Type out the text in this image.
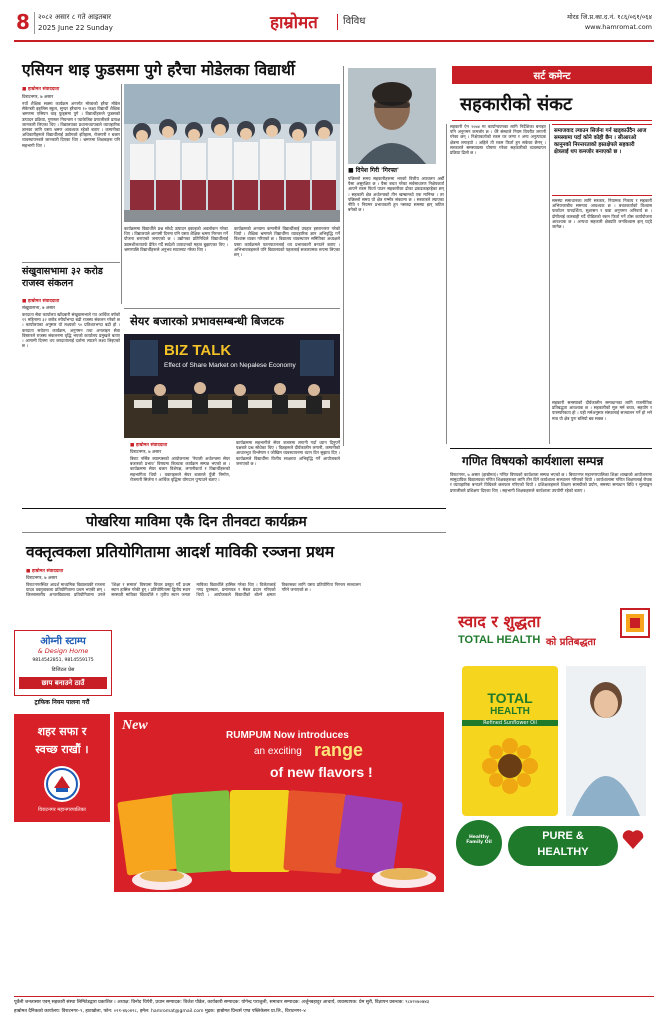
8 २०८२ असार ८ गते आइतबार
2025 June 22 Sunday	हाम्रोमत	विविध	मोरड जि.प्र.का.द.नं. १८६/०६१/०६४
www.hamromat.com
एसियन थाइ फुडसमा पुगे हरैचा मोडेलका विद्यार्थी
■ हाम्रोमत संवाददाता
विराटनगर, ७ असार
नयाँ शैक्षिक सत्रमा कार्यक्रम अन्तर्गत मोरङको हरैचा मोडेल सेकेन्डरी इङ्लिस स्कुल, सुन्दर हरैचामा १० कक्षा विद्यार्थी शैक्षिक भ्रमणमा एसियन थाइ फुड्समा पुगे । विद्यार्थीहरूले फुडसको उत्पादन प्रक्रिया, गुणस्तर नियन्त्रण र प्याकेजिङ प्रणालीबारे प्रत्यक्ष जानकारी लिएका थिए । विद्यालयका प्रधानाध्यापकले व्यावहारिक ज्ञानका लागि यस्ता भ्रमण आवश्यक रहेको बताए । कम्पनीका अधिकारीहरूले विद्यार्थीलाई उद्योगको इतिहास, रोजगारी र बजार व्यवस्थापनबारे जानकारी दिएका थिए । भ्रमणमा शिक्षकहरू पनि सहभागी थिए ।
कार्यक्रममा विद्यार्थीले प्रश्न सोध्दै उत्पादन इकाइको अवलोकन गरेका थिए । विद्यालयले आगामी दिनमा पनि यस्ता शैक्षिक भ्रमण निरन्तर गर्ने योजना बनाएको जनाएको छ । उद्योगका प्रतिनिधिले विद्यार्थीलाई उद्यमशीलतातर्फ प्रेरित गर्दै स्वदेशी उत्पादनको महत्व बुझाएका थिए । भ्रमणपछि विद्यार्थीहरूले अनुभव साटासाट गरेका थिए ।
कार्यक्रमको अन्त्यमा कम्पनीले विद्यार्थीलाई उपहार हस्तान्तरण गरेको थियो । शैक्षिक भ्रमणले विद्यार्थीमा व्यावहारिक ज्ञान अभिवृद्धि गर्ने विश्वास व्यक्त गरिएको छ । विद्यालय व्यवस्थापन समितिका अध्यक्षले यस्ता कार्यक्रमले पठनपाठनलाई थप प्रभावकारी बनाउने बताए । अभिभावकहरूले पनि विद्यालयको पहललाई सकारात्मक रूपमा लिएका छन् ।
संखुवासभामा ३२ करोड राजस्व संकलन
■ हाम्रोमत संवाददाता
संखुवासभा, ७ असार
करदाता सेवा कार्यालय खाँदबारी संखुवासभाले गत आर्थिक वर्षको ११ महिनामा ३२ करोड रुपैयाँभन्दा बढी राजस्व संकलन गरेको छ । कार्यालयका अनुसार यो लक्ष्यको ९० प्रतिशतभन्दा बढी हो । करदाता सचेतना कार्यक्रम, अनुगमन तथा अनलाइन सेवा विस्तारले राजस्व संकलनमा वृद्धि भएको कार्यालय प्रमुखले बताए । आगामी दिनमा थप करदातालाई दर्तामा ल्याउने लक्ष्य लिइएको छ ।
■ दिपेश गिरी 'गिरफ्त'
सर्ट कमेन्ट
सहकारीको संकट
पछिल्लो समय सहकारीहरूमा भएको वित्तीय अपचलन अर्बौं पैसा असुरक्षित छ । पैसा बचत गरेका सर्वसाधारण निक्षेपकर्ता आफ्नै रकम फिर्ता पाउन सहकारीका ढोका ढकढकाइरहेका छन् । सहकारी क्षेत्र अर्थतन्त्रको तीन खम्बामध्ये एक मानिन्छ । तर पछिल्लो समय यो क्षेत्र गम्भीर संकटमा छ । सरकारले ल्याएका नीति र नियमन प्रभावकारी हुन नसक्दा समस्या झन् जटिल बनेको छ ।
सहकारी ऐन २०७४ मा कार्यान्वयनका लागि निर्देशिका बनाइए पनि अनुगमन कमजोर छ । धेरै संस्थाले नियम विपरीत लगानी गरेका छन् । निक्षेपकर्ताको रकम घर जग्गा र अन्य अनुत्पादक क्षेत्रमा लगाइयो । अहिले ती रकम फिर्ता हुन सकेका छैनन् । सरकारले समस्याग्रस्त घोषणा गरेका सहकारीको व्यवस्थापन प्रक्रिया ढिलो छ ।
समाजवाद ल्याउन सिर्जना गर्न खड्काउँदैन आज समस्यामा पर्दा कोने कोही छैन । सीआरओ कानुनको निरन्तरताको हस्तक्षेपले सहकारी क्षेत्रलाई थप कमजोर बनाएको छ ।
समस्या समाधानका लागि सरकार, नियामक निकाय र सहकारी अभियन्ताबीच समन्वय आवश्यक छ । बचतकर्ताको विश्वास फर्काउन पारदर्शिता, सुशासन र कडा अनुगमन अनिवार्य छ । दोषीलाई कारबाही गर्दै पीडितको रकम फिर्ता गर्ने ठोस कार्ययोजना आवश्यक छ । अन्यथा सहकारी क्षेत्रप्रति जनविश्वास झन् घट्दै जानेछ ।
सहकारी समस्याको दीर्घकालीन समाधानका लागि राजनीतिक प्रतिबद्धता आवश्यक छ । सहकारीको मूल मर्म बचत, सहयोग र पारस्परिकता हो । यही मर्मअनुसार संस्थालाई सञ्चालन गर्ने हो भने मात्र यो क्षेत्र पुनः बलियो बन्न सक्छ ।
सेयर बजारको प्रभावसम्बन्धी बिजटक
BIZ TALK
Effect of Share Market on Nepalese Economy
■ हाम्रोमत संवाददाता
विराटनगर, ७ असार
बिराट नर्सिङ क्याम्पसको आयोजनामा 'नेपाली अर्थतन्त्रमा सेयर बजारको प्रभाव' विषयमा बिजटक कार्यक्रम सम्पन्न भएको छ । कार्यक्रममा सेयर बजार विशेषज्ञ, लगानीकर्ता र विद्यार्थीहरूको सहभागिता थियो । वक्ताहरूले सेयर बजारले पुँजी निर्माण, रोजगारी सिर्जना र आर्थिक वृद्धिमा योगदान पुर्‍याउने बताए ।
कार्यक्रममा सहभागीले सेयर बजारमा लगानी गर्दा ध्यान दिनुपर्ने पक्षबारे प्रश्न सोधेका थिए । विज्ञहरूले दीर्घकालीन लगानी, कम्पनीको आधारभूत विश्लेषण र जोखिम व्यवस्थापनमा ध्यान दिन सुझाव दिए । कार्यक्रमले विद्यार्थीमा वित्तीय साक्षरता अभिवृद्धि गर्ने आयोजकले जनाएको छ ।
पोखरिया माविमा एकै दिन तीनवटा कार्यक्रम
गणित विषयको कार्यशाला सम्पन्न
विराटनगर, ७ असार (हाम्रोमत)। गणित विषयको कार्यशाला सम्पन्न भएको छ । बिराटनगर महानगरपालिका शिक्षा शाखाको आयोजनामा सामुदायिक विद्यालयका गणित शिक्षकहरूका लागि तीन दिने कार्यशाला सञ्चालन गरिएको थियो । कार्यशालामा गणित शिक्षणलाई रोचक र व्यावहारिक बनाउने विधिबारे छलफल गरिएको थियो । प्रशिक्षकहरूले शिक्षण सामग्रीको प्रयोग, समस्या समाधान विधि र मूल्याङ्कन प्रणालीबारे प्रशिक्षण दिएका थिए । सहभागी शिक्षकहरूले कार्यशाला उपयोगी रहेको बताए ।
वक्तृत्वकला प्रतियोगितामा आदर्श माविकी रञ्जना प्रथम
■ हाम्रोमत संवाददाता
विराटनगर, ७ असार
विराटनगरस्थित आदर्श माध्यमिक विद्यालयकी रञ्जना यादव वक्तृत्वकला प्रतियोगितामा प्रथम भएकी छन् । जिल्लास्तरीय अन्तरविद्यालय प्रतियोगितामा उनले 'शिक्षा र समाज' विषयमा विचार प्रस्तुत गर्दै प्रथम स्थान हासिल गरेकी हुन् । प्रतियोगितामा द्वितीय स्थान सरस्वती माविका विद्यार्थीले र तृतीय स्थान जनता माविका विद्यार्थीले हासिल गरेका थिए । विजेतालाई नगद पुरस्कार, प्रमाणपत्र र मेडल प्रदान गरिएको थियो । आयोजकले विद्यार्थीको बोल्ने क्षमता विकासका लागि यस्ता प्रतियोगिता निरन्तर सञ्चालन गरिने जनाएको छ ।
ओम्नी स्टाम्प
& Design Home
9814542851, 9814559175
डिजिटल प्रेस
छाप बनाउने ठाउँ
ट्राफिक नियम पालना गरौं
शहर सफा र
स्वच्छ राखौं ।
विराटनगर महानगरपालिका
New
RUMPUM Now introduces
an exciting range
of new flavors !
स्वाद र शुद्धता
TOTAL HEALTH को प्रतिबद्धता
TOTAL
HEALTH
Refined Sunflower Oil
Healthy Family Oil
PURE &
HEALTHY
पूर्वेली जनतासार एवम् सहकारी संस्था लिमिटेडद्वारा प्रकाशित । अध्यक्ष: विनोद थिपेरी, प्रधान सम्पादक: विजेश पौडेल, कार्यकारी सम्पादक: योगेन्द्र पराजुली, समाचार सम्पादक: अर्जुनबहादुर आचार्य, व्यवस्थापक: प्रेम सुरी, विज्ञापन प्रबन्धक: ९८४२०७०७४३
हाम्रोमत दैनिकको कार्यालय: विराटनगर–९, हाटखोला, फोन: ०२१-४६०४२८, इमेल: hamromat@gmail.com मुद्रक: हाम्रोमत प्रिन्टर्स एण्ड पब्लिकेसन प्रा.लि., विराटनगर–४
